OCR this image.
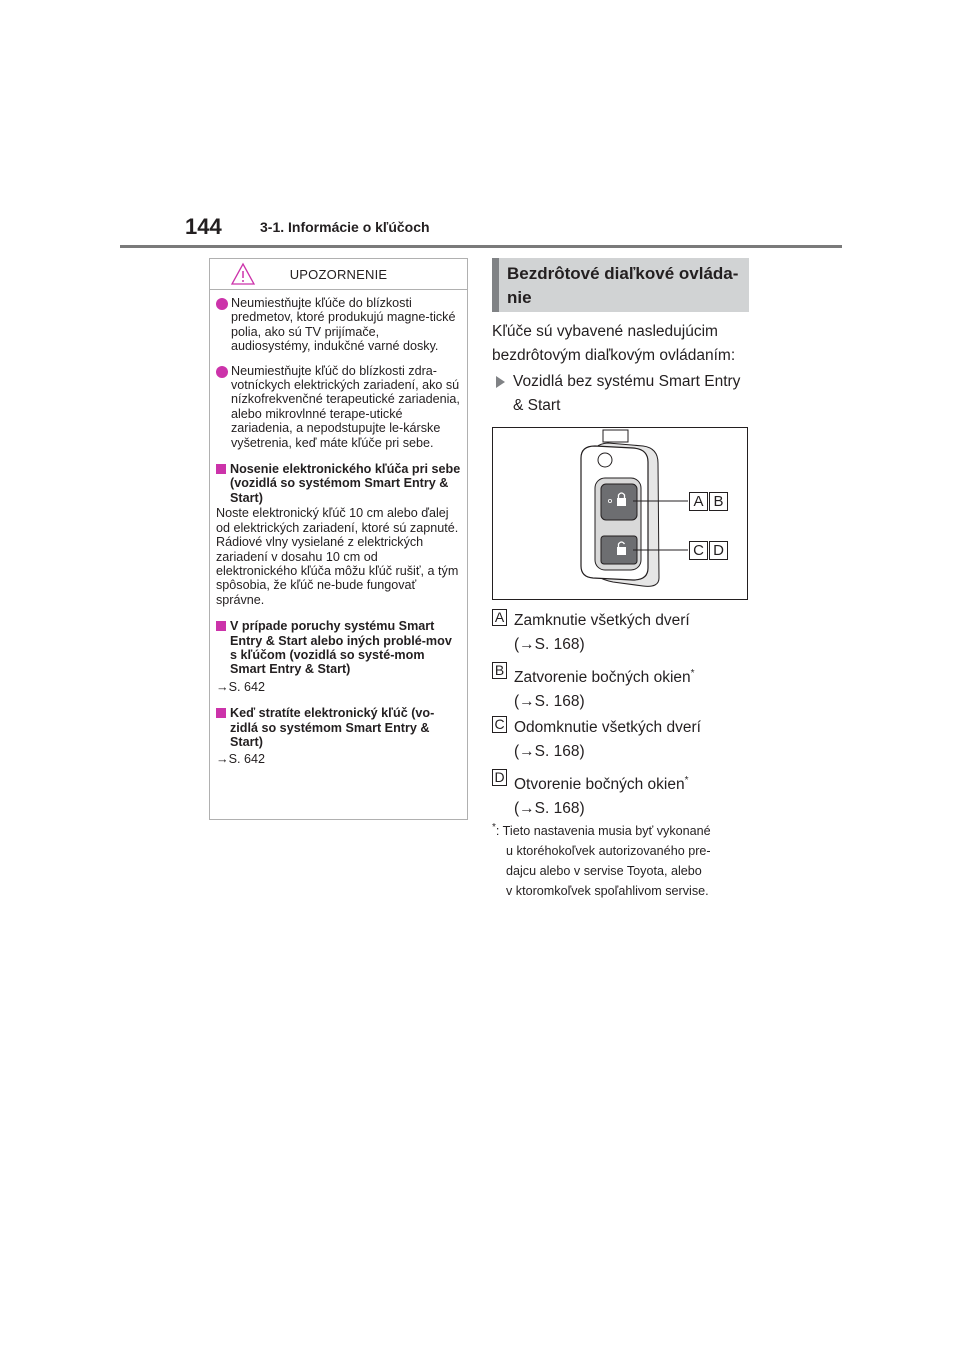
144	3-1. Informácie o kľúčoch
UPOZORNENIE
Neumiestňujte kľúče do blízkosti predmetov, ktoré produkujú magne-tické polia, ako sú TV prijímače, audiosystémy, indukčné varné dosky.
Neumiestňujte kľúč do blízkosti zdra-votníckych elektrických zariadení, ako sú nízkofrekvenčné terapeutické zariadenia, alebo mikrovlnné terape-utické zariadenia, a nepodstupujte le-kárske vyšetrenia, keď máte kľúče pri sebe.
Nosenie elektronického kľúča pri sebe (vozidlá so systémom Smart Entry & Start)
Noste elektronický kľúč 10 cm alebo ďalej od elektrických zariadení, ktoré sú zapnuté. Rádiové vlny vysielané z elektrických zariadení v dosahu 10 cm od elektronického kľúča môžu kľúč rušiť, a tým spôsobia, že kľúč ne-bude fungovať správne.
V prípade poruchy systému Smart Entry & Start alebo iných problé-mov s kľúčom (vozidlá so systé-mom Smart Entry & Start)
→S. 642
Keď stratíte elektronický kľúč (vo-zidlá so systémom Smart Entry & Start)
→S. 642
Bezdrôtové diaľkové ovláda-
nie
Kľúče sú vybavené nasledujúcim bezdrôtovým diaľkovým ovládaním:
Vozidlá bez systému Smart Entry & Start
A B
C D
A Zamknutie všetkých dverí
(→S. 168)
B Zatvorenie bočných okien*
(→S. 168)
C Odomknutie všetkých dverí
(→S. 168)
D Otvorenie bočných okien*
(→S. 168)
*: Tieto nastavenia musia byť vykonané
u ktoréhokoľvek autorizovaného pre-
dajcu alebo v servise Toyota, alebo
v ktoromkoľvek spoľahlivom servise.
